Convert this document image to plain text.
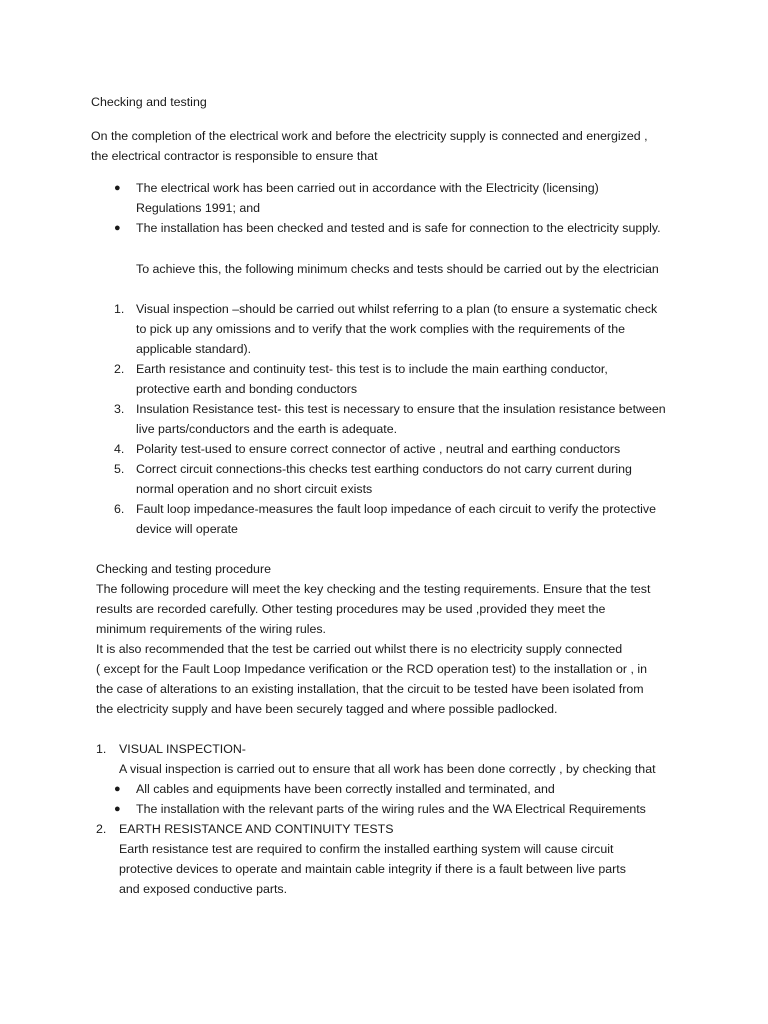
Checking and testing
On the completion of the electrical work and before the electricity supply is connected and energized ,
the electrical contractor is responsible to ensure that
● The electrical work has been carried out in accordance with the Electricity (licensing)
Regulations 1991; and
● The installation has been checked and tested and is safe for connection to the electricity supply.
To achieve this, the following minimum checks and tests should be carried out by the electrician
1. Visual inspection –should be carried out whilst referring to a plan (to ensure a systematic check
to pick up any omissions and to verify that the work complies with the requirements of the
applicable standard).
2. Earth resistance and continuity test- this test is to include the main earthing conductor,
protective earth and bonding conductors
3. Insulation Resistance test- this test is necessary to ensure that the insulation resistance between
live parts/conductors and the earth is adequate.
4. Polarity test-used to ensure correct connector of active , neutral and earthing conductors
5. Correct circuit connections-this checks test earthing conductors do not carry current during
normal operation and no short circuit exists
6. Fault loop impedance-measures the fault loop impedance of each circuit to verify the protective
device will operate
Checking and testing procedure
The following procedure will meet the key checking and the testing requirements. Ensure that the test
results are recorded carefully. Other testing procedures may be used ,provided they meet the
minimum requirements of the wiring rules.
It is also recommended that the test be carried out whilst there is no electricity supply connected
( except for the Fault Loop Impedance verification or the RCD operation test) to the installation or , in
the case of alterations to an existing installation, that the circuit to be tested have been isolated from
the electricity supply and have been securely tagged and where possible padlocked.
1. VISUAL INSPECTION-
A visual inspection is carried out to ensure that all work has been done correctly , by checking that
● All cables and equipments have been correctly installed and terminated, and
● The installation with the relevant parts of the wiring rules and the WA Electrical Requirements
2. EARTH RESISTANCE AND CONTINUITY TESTS
Earth resistance test are required to confirm the installed earthing system will cause circuit
protective devices to operate and maintain cable integrity if there is a fault between live parts
and exposed conductive parts.
